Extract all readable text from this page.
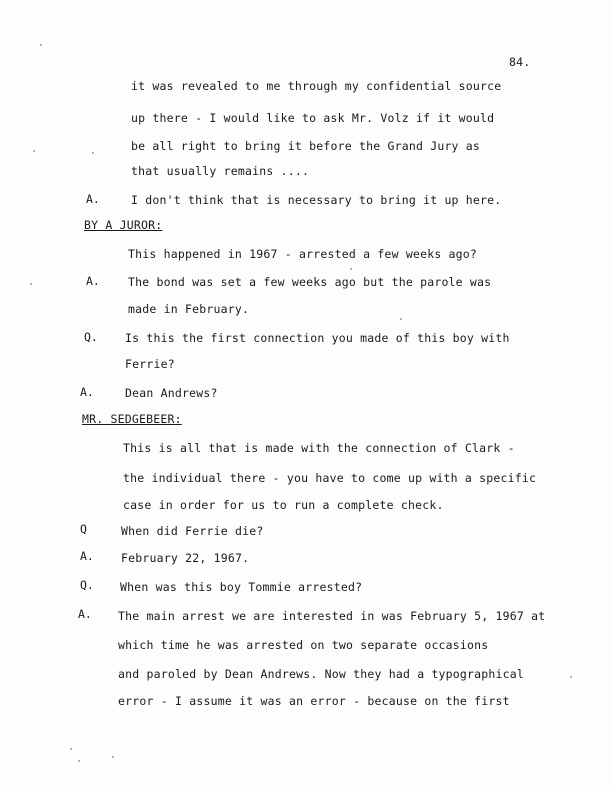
84.
it was revealed to me through my confidential source
up there - I would like to ask Mr. Volz if it would
be all right to bring it before the Grand Jury as
that usually remains ....
A.	I don't think that is necessary to bring it up here.
BY A JUROR:
This happened in 1967 - arrested a few weeks ago?
A. The bond was set a few weeks ago but the parole was
made in February.
Q. Is this the first connection you made of this boy with
Ferrie?
A.	Dean Andrews?
MR. SEDGEBEER:
This is all that is made with the connection of Clark -
the individual there - you have to come up with a specific
case in order for us to run a complete check.
Q	When did Ferrie die?
A. February 22, 1967.
Q. When was this boy Tommie arrested?
A. The main arrest we are interested in was February 5, 1967 at
which time he was arrested on two separate occasions
and paroled by Dean Andrews. Now they had a typographical
error - I assume it was an error - because on the first
